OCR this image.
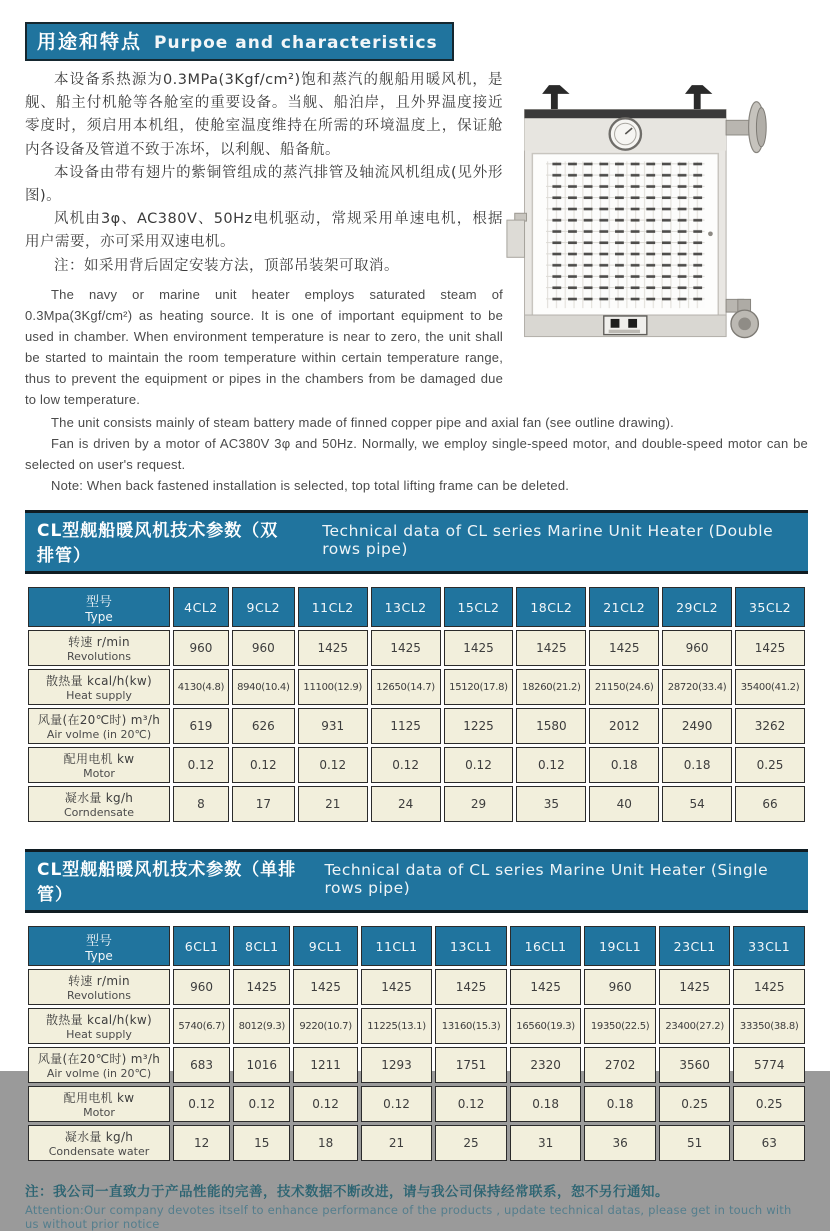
用途和特点 Purpoe and characteristics

本设备系热源为0.3MPa(3Kgf/cm²)饱和蒸汽的舰船用暖风机，是舰、船主付机舱等各舱室的重要设备。当舰、船泊岸，且外界温度接近零度时，须启用本机组，使舱室温度维持在所需的环境温度上，保证舱内各设备及管道不致于冻坏，以利舰、船备航。

本设备由带有翅片的紫铜管组成的蒸汽排管及轴流风机组成(见外形图)。

风机由3φ、AC380V、50Hz电机驱动，常规采用单速电机，根据用户需要，亦可采用双速电机。

注：如采用背后固定安装方法，顶部吊装架可取消。

The navy or marine unit heater employs saturated steam of 0.3Mpa(3Kgf/cm²) as heating source. It is one of important equipment to be used in chamber. When environment temperature is near to zero, the unit shall be started to maintain the room temperature within certain temperature range, thus to prevent the equipment or pipes in the chambers from be damaged due to low temperature.

The unit consists mainly of steam battery made of finned copper pipe and axial fan (see outline drawing).

Fan is driven by a motor of AC380V 3φ and 50Hz. Normally, we employ single-speed motor, and double-speed motor can be selected on user's request.

Note: When back fastened installation is selected, top total lifting frame can be deleted.

CL型舰船暖风机技术参数（双排管）
Technical data of CL series Marine Unit Heater (Double rows pipe)
型号
Type	4CL2	9CL2	11CL2	13CL2	15CL2	18CL2	21CL2	29CL2	35CL2

转速 r/min
Revolutions	960	960	1425	1425	1425	1425	1425	960	1425

散热量 kcal/h(kw)
Heat supply	4130(4.8)	8940(10.4)	11100(12.9)	12650(14.7)	15120(17.8)	18260(21.2)	21150(24.6)	28720(33.4)	35400(41.2)

风量(在20℃时) m³/h
Air volme (in 20℃)	619	626	931	1125	1225	1580	2012	2490	3262

配用电机 kw
Motor	0.12	0.12	0.12	0.12	0.12	0.12	0.18	0.18	0.25

凝水量 kg/h
Corndensate	8	17	21	24	29	35	40	54	66
CL型舰船暖风机技术参数（单排管）
Technical data of CL series Marine Unit Heater (Single rows pipe)
型号
Type	6CL1	8CL1	9CL1	11CL1	13CL1	16CL1	19CL1	23CL1	33CL1

转速 r/min
Revolutions	960	1425	1425	1425	1425	1425	960	1425	1425

散热量 kcal/h(kw)
Heat supply	5740(6.7)	8012(9.3)	9220(10.7)	11225(13.1)	13160(15.3)	16560(19.3)	19350(22.5)	23400(27.2)	33350(38.8)

风量(在20℃时) m³/h
Air volme (in 20℃)	683	1016	1211	1293	1751	2320	2702	3560	5774

配用电机 kw
Motor	0.12	0.12	0.12	0.12	0.12	0.18	0.18	0.25	0.25

凝水量 kg/h
Condensate water	12	15	18	21	25	31	36	51	63
注：我公司一直致力于产品性能的完善，技术数据不断改进，请与我公司保持经常联系，恕不另行通知。
Attention:Our company devotes itself to enhance performance of the products , update technical datas, please get in touch with us without prior notice
